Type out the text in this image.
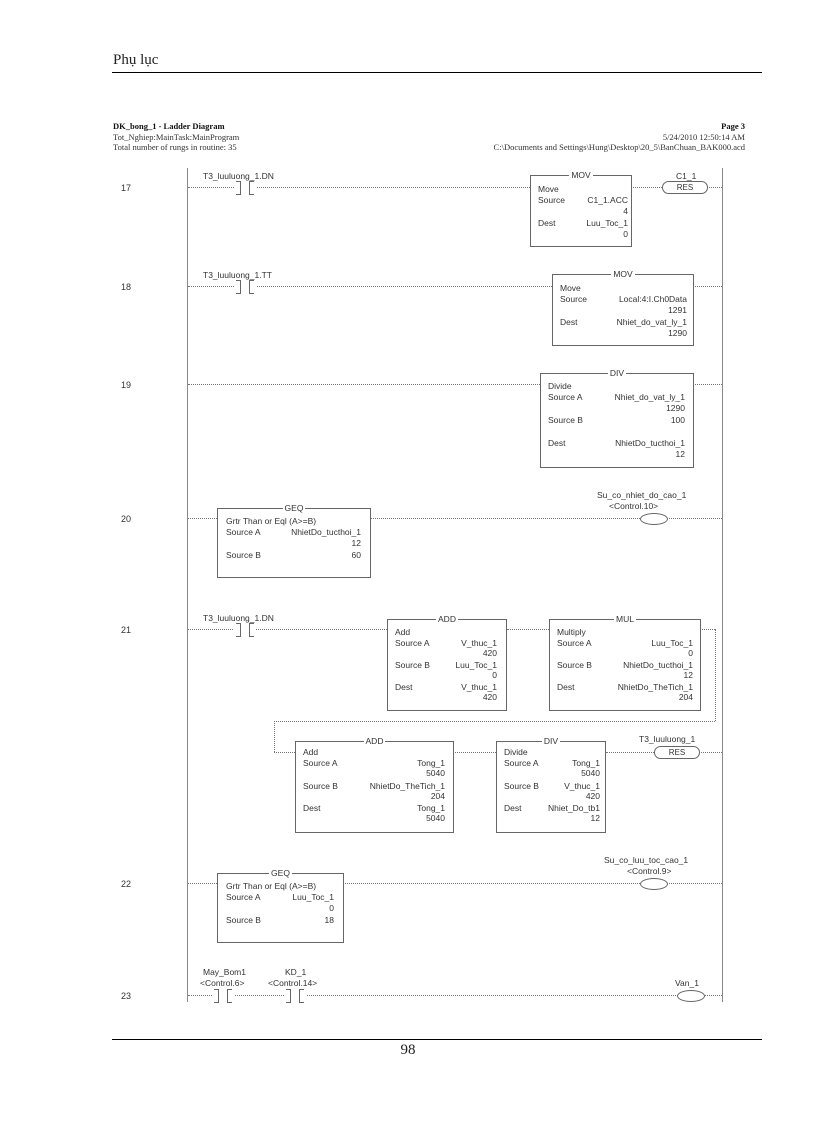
Phụ lục
DK_bong_1 - Ladder Diagram
Tot_Nghiep:MainTask:MainProgram
Total number of rungs in routine: 35
Page 3
5/24/2010 12:50:14 AM
C:\Documents and Settings\Hung\Desktop\20_5\BanChuan_BAK000.acd
17
T3_luuluong_1.DN	MOV
Move
Source	C1_1.ACC
4
Dest	Luu_Toc_1
0
C1_1
RES
18
T3_luuluong_1.TT	MOV
Move
Source	Local:4:I.Ch0Data
1291
Dest	Nhiet_do_vat_ly_1
1290
19
DIV
Divide
Source A	Nhiet_do_vat_ly_1
1290
Source B	100
Dest	NhietDo_tucthoi_1
12
20
GEQ
Grtr Than or Eql (A>=B)
Source A	NhietDo_tucthoi_1
12
Source B	60
Su_co_nhiet_do_cao_1
<Control.10>
21
T3_luuluong_1.DN	ADD
Add
Source A	V_thuc_1
420
Source B	Luu_Toc_1
0
Dest	V_thuc_1
420
MUL
Multiply
Source A	Luu_Toc_1
0
Source B	NhietDo_tucthoi_1
12
Dest	NhietDo_TheTich_1
204
ADD
Add
Source A	Tong_1
5040
Source B	NhietDo_TheTich_1
204
Dest	Tong_1
5040
DIV
Divide
Source A	Tong_1
5040
Source B	V_thuc_1
420
Dest	Nhiet_Do_tb1
12
T3_luuluong_1
RES
22
GEQ
Grtr Than or Eql (A>=B)
Source A	Luu_Toc_1
0
Source B	18
Su_co_luu_toc_cao_1
<Control.9>
23
May_Bom1
<Control.6>
KD_1
<Control.14>	Van_1
98
